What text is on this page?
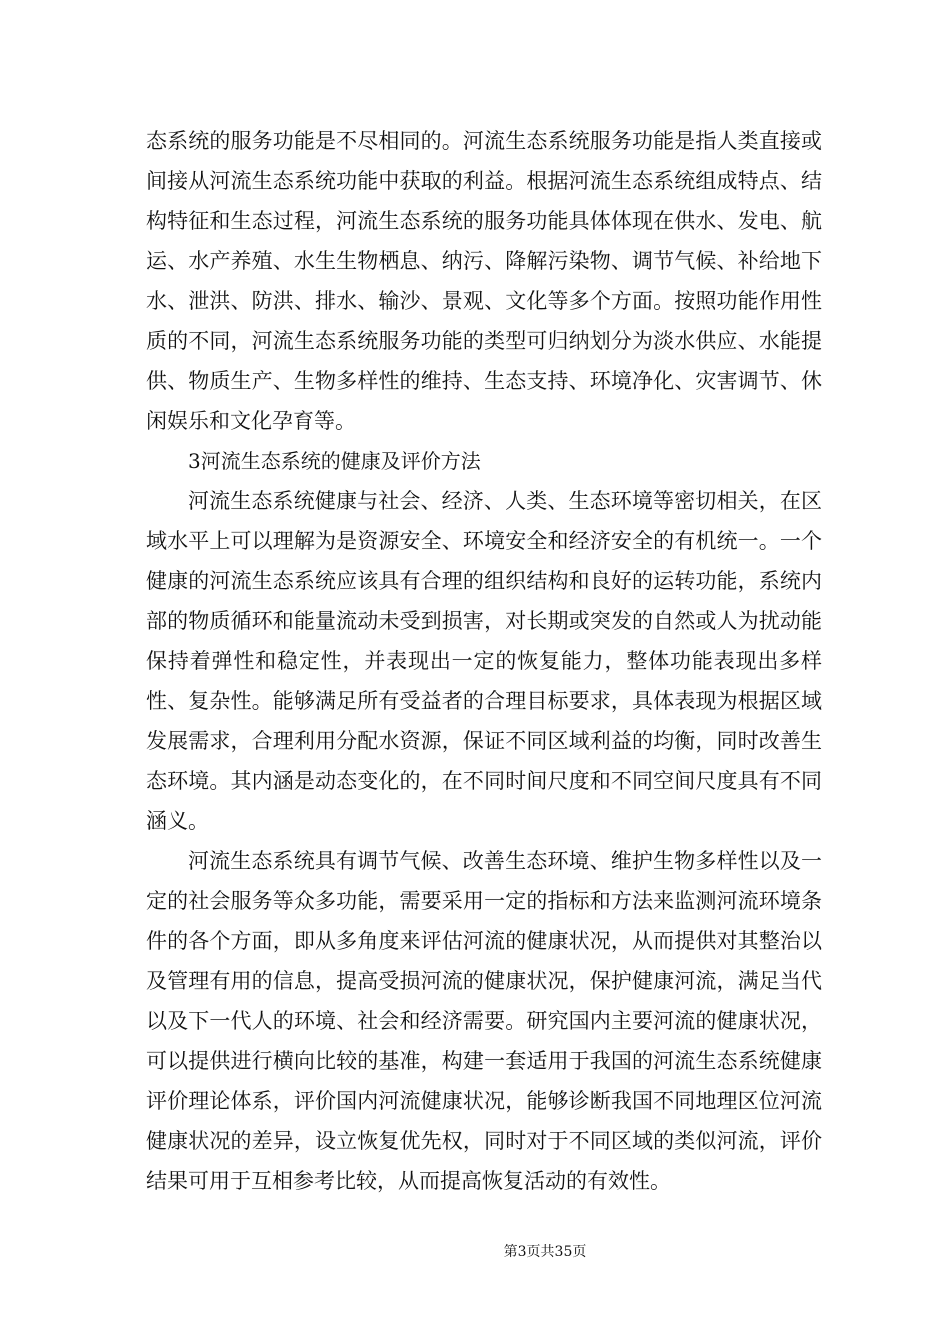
态系统的服务功能是不尽相同的。河流生态系统服务功能是指人类直接或间接从河流生态系统功能中获取的利益。根据河流生态系统组成特点、结构特征和生态过程，河流生态系统的服务功能具体体现在供水、发电、航运、水产养殖、水生生物栖息、纳污、降解污染物、调节气候、补给地下水、泄洪、防洪、排水、输沙、景观、文化等多个方面。按照功能作用性质的不同，河流生态系统服务功能的类型可归纳划分为淡水供应、水能提供、物质生产、生物多样性的维持、生态支持、环境净化、灾害调节、休闲娱乐和文化孕育等。

3河流生态系统的健康及评价方法

河流生态系统健康与社会、经济、人类、生态环境等密切相关，在区域水平上可以理解为是资源安全、环境安全和经济安全的有机统一。一个健康的河流生态系统应该具有合理的组织结构和良好的运转功能，系统内部的物质循环和能量流动未受到损害，对长期或突发的自然或人为扰动能保持着弹性和稳定性，并表现出一定的恢复能力，整体功能表现出多样性、复杂性。能够满足所有受益者的合理目标要求，具体表现为根据区域发展需求，合理利用分配水资源，保证不同区域利益的均衡，同时改善生态环境。其内涵是动态变化的，在不同时间尺度和不同空间尺度具有不同涵义。

河流生态系统具有调节气候、改善生态环境、维护生物多样性以及一定的社会服务等众多功能，需要采用一定的指标和方法来监测河流环境条件的各个方面，即从多角度来评估河流的健康状况，从而提供对其整治以及管理有用的信息，提高受损河流的健康状况，保护健康河流，满足当代以及下一代人的环境、社会和经济需要。研究国内主要河流的健康状况，可以提供进行横向比较的基准，构建一套适用于我国的河流生态系统健康评价理论体系，评价国内河流健康状况，能够诊断我国不同地理区位河流健康状况的差异，设立恢复优先权，同时对于不同区域的类似河流，评价结果可用于互相参考比较，从而提高恢复活动的有效性。

第3页共35页
